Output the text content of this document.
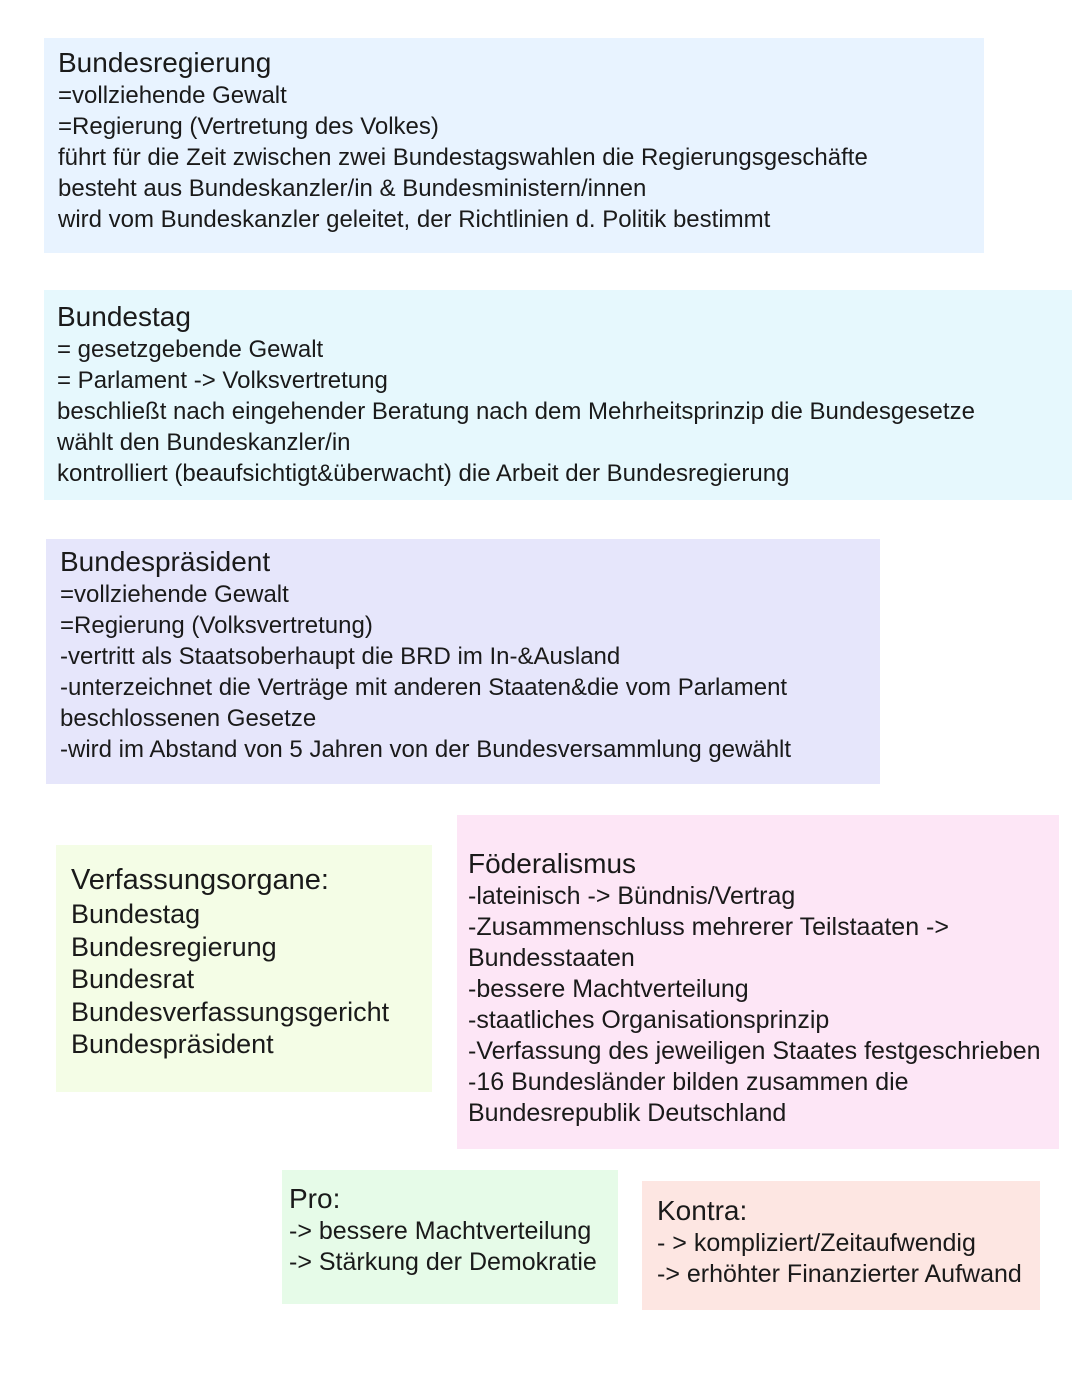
Bundesregierung
=vollziehende Gewalt
=Regierung (Vertretung des Volkes)
führt für die Zeit zwischen zwei Bundestagswahlen die Regierungsgeschäfte
besteht aus Bundeskanzler/in & Bundesministern/innen
wird vom Bundeskanzler geleitet, der Richtlinien d. Politik bestimmt
Bundestag
= gesetzgebende Gewalt
= Parlament -> Volksvertretung
beschließt nach eingehender Beratung nach dem Mehrheitsprinzip die Bundesgesetze
wählt den Bundeskanzler/in
kontrolliert (beaufsichtigt&überwacht) die Arbeit der Bundesregierung
Bundespräsident
=vollziehende Gewalt
=Regierung (Volksvertretung)
-vertritt als Staatsoberhaupt die BRD im In-&Ausland
-unterzeichnet die Verträge mit anderen Staaten&die vom Parlament
beschlossenen Gesetze
-wird im Abstand von 5 Jahren von der Bundesversammlung gewählt
Verfassungsorgane:
Bundestag
Bundesregierung
Bundesrat
Bundesverfassungsgericht
Bundespräsident
Föderalismus
-lateinisch -> Bündnis/Vertrag
-Zusammenschluss mehrerer Teilstaaten ->
Bundesstaaten
-bessere Machtverteilung
-staatliches Organisationsprinzip
-Verfassung des jeweiligen Staates festgeschrieben
-16 Bundesländer bilden zusammen die
Bundesrepublik Deutschland
Pro:
-> bessere Machtverteilung
-> Stärkung der Demokratie
Kontra:
- > kompliziert/Zeitaufwendig
-> erhöhter Finanzierter Aufwand
